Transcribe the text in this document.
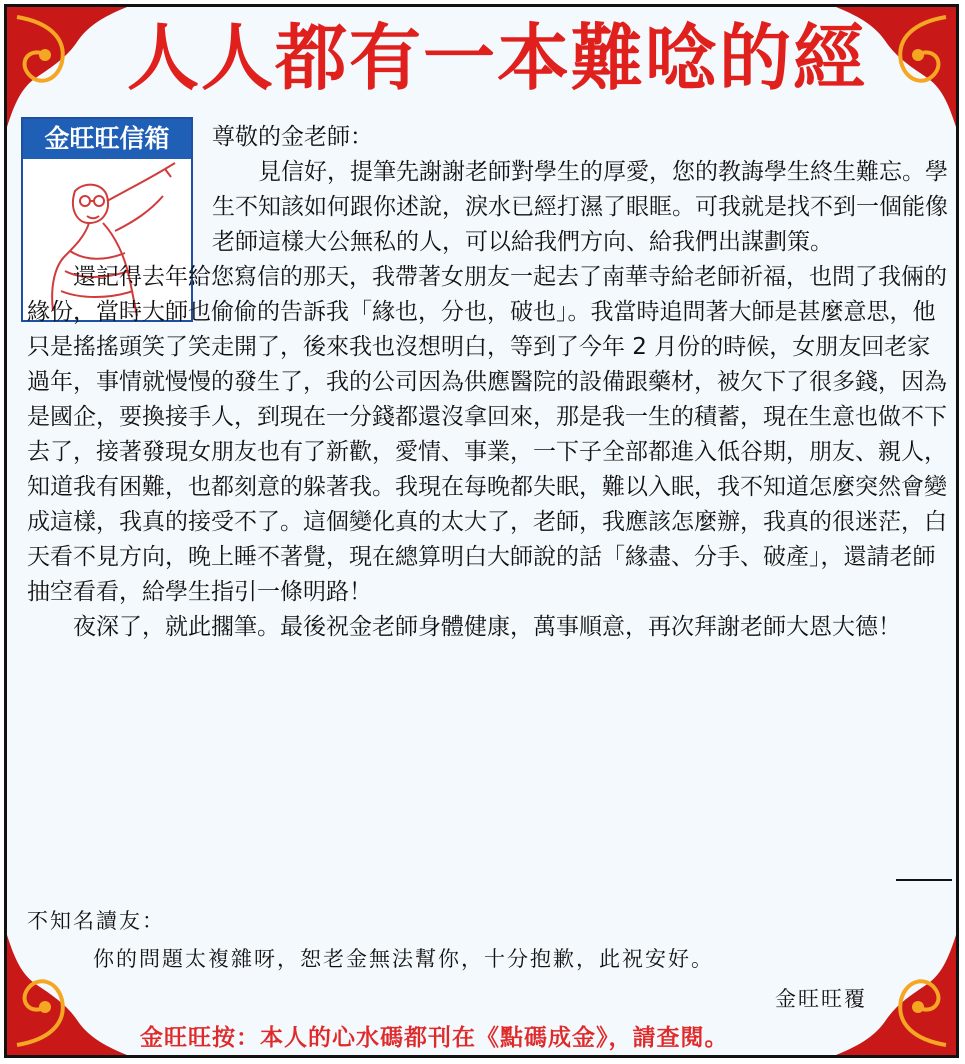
人人都有一本難唸的經
金旺旺信箱	尊敬的金老師：

見信好，提筆先謝謝老師對學生的厚愛，您的教誨學生終生難忘。學生不知該如何跟你述說，淚水已經打濕了眼眶。可我就是找不到一個能像老師這樣大公無私的人，可以給我們方向、給我們出謀劃策。

還記得去年給您寫信的那天，我帶著女朋友一起去了南華寺給老師祈福，也問了我倆的緣份，當時大師也偷偷的告訴我「緣也，分也，破也」。我當時追問著大師是甚麼意思，他只是搖搖頭笑了笑走開了，後來我也沒想明白，等到了今年 2 月份的時候，女朋友回老家過年，事情就慢慢的發生了，我的公司因為供應醫院的設備跟藥材，被欠下了很多錢，因為是國企，要換接手人，到現在一分錢都還沒拿回來，那是我一生的積蓄，現在生意也做不下去了，接著發現女朋友也有了新歡，愛情、事業，一下子全部都進入低谷期，朋友、親人，知道我有困難，也都刻意的躲著我。我現在每晚都失眠，難以入眠，我不知道怎麼突然會變成這樣，我真的接受不了。這個變化真的太大了，老師，我應該怎麼辦，我真的很迷茫，白天看不見方向，晚上睡不著覺，現在總算明白大師說的話「緣盡、分手、破產」，還請老師抽空看看，給學生指引一條明路！

夜深了，就此擱筆。最後祝金老師身體健康，萬事順意，再次拜謝老師大恩大德！

不知名讀友：
你的問題太複雜呀，恕老金無法幫你，十分抱歉，此祝安好。
金旺旺覆
金旺旺按：本人的心水碼都刊在《點碼成金》，請查閱。
